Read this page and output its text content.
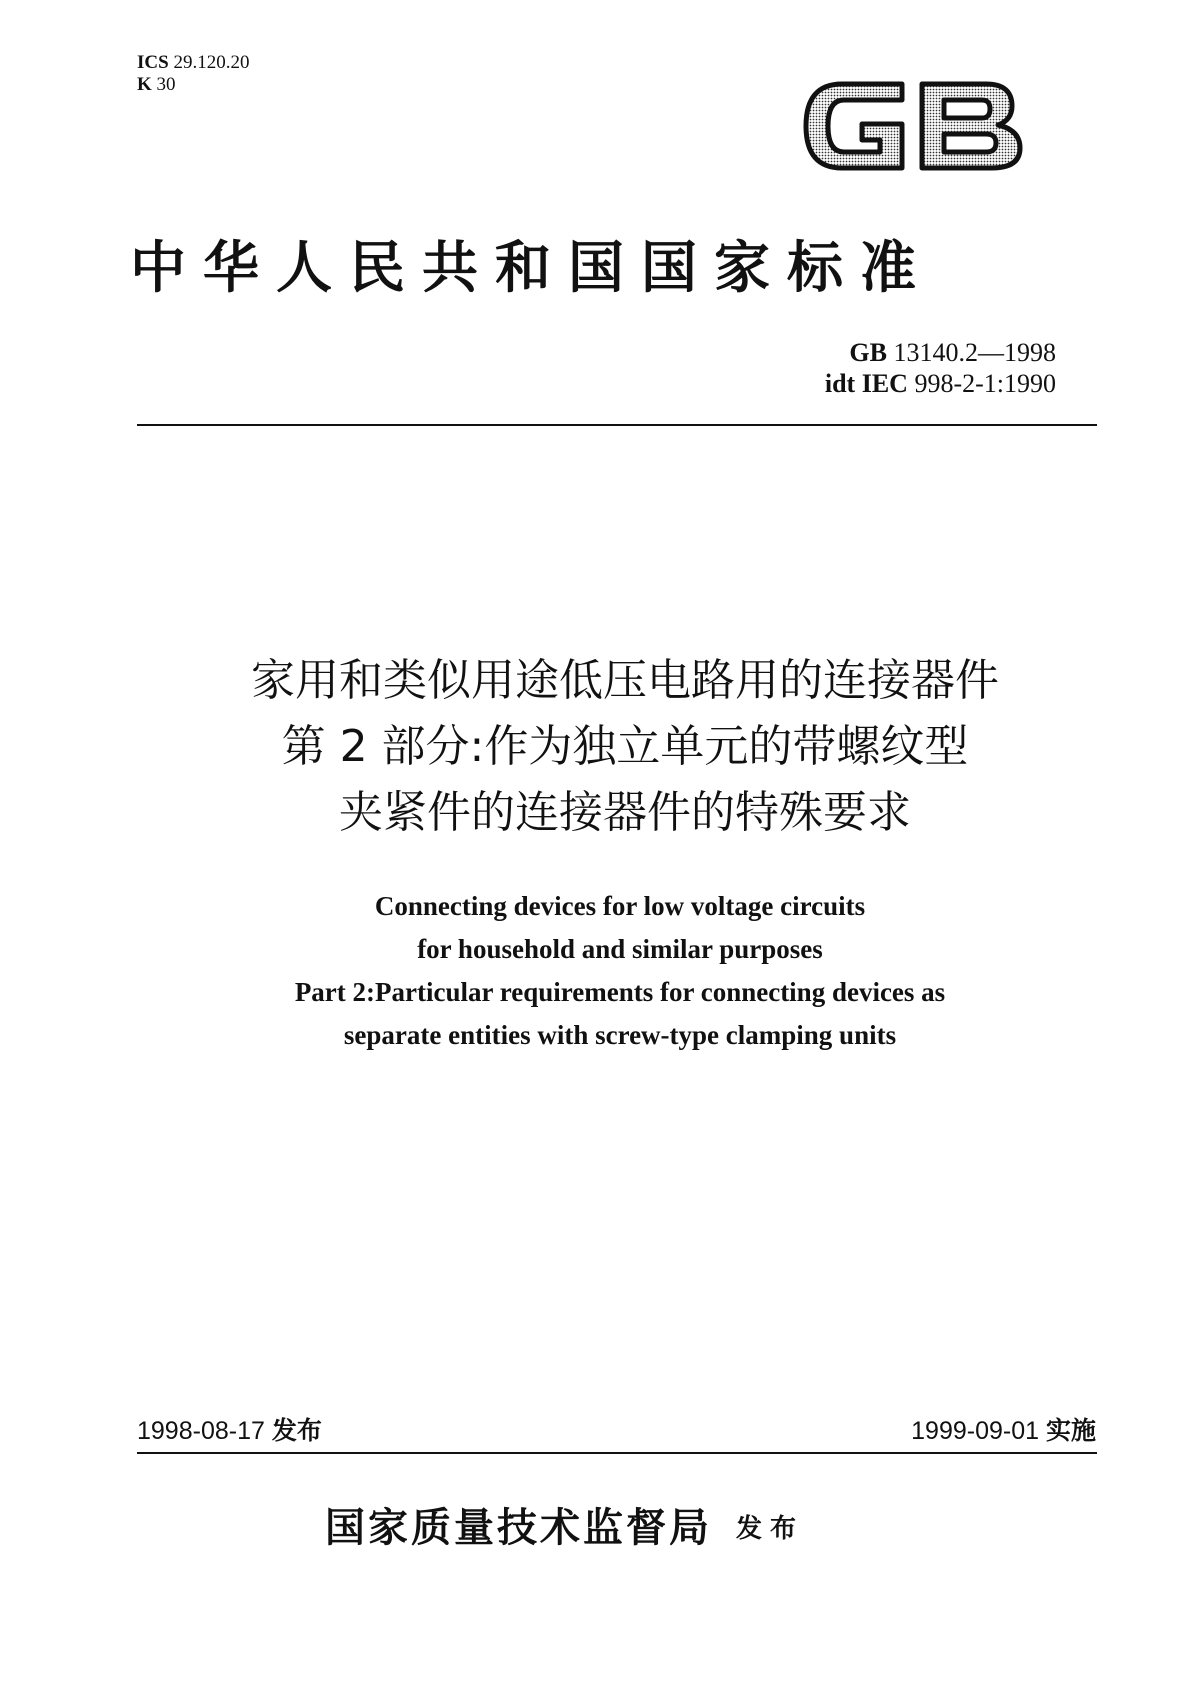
ICS 29.120.20
K 30
中华人民共和国国家标准
GB 13140.2—1998
idt IEC 998-2-1:1990
家用和类似用途低压电路用的连接器件
第 2 部分:作为独立单元的带螺纹型
夹紧件的连接器件的特殊要求
Connecting devices for low voltage circuits
for household and similar purposes
Part 2:Particular requirements for connecting devices as
separate entities with screw-type clamping units
1998-08-17 发布	1999-09-01 实施
国家质量技术监督局 发布
